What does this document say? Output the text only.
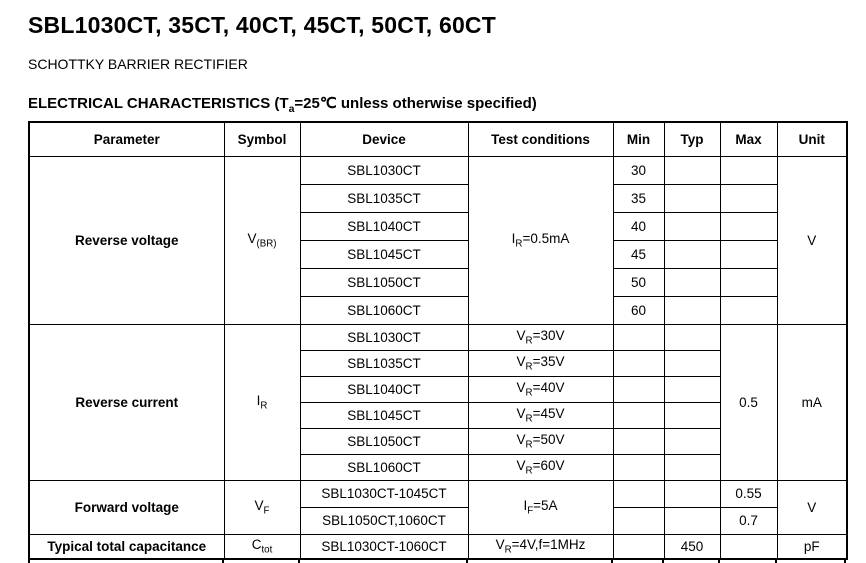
SBL1030CT, 35CT, 40CT, 45CT, 50CT, 60CT

SCHOTTKY BARRIER RECTIFIER

ELECTRICAL CHARACTERISTICS ($T_a=25℃$ unless otherwise specified)
Parameter	Symbol	Device	Test conditions	Min	Typ	Max	Unit
Reverse voltage	$V_{(BR)}$	SBL1030CT	$I_R=0.5mA$	30			V
		SBL1035CT		35			
		SBL1040CT		40			
		SBL1045CT		45			
		SBL1050CT		50			
		SBL1060CT		60			
Reverse current	$I_R$	SBL1030CT	$V_R=30V$			0.5	mA
		SBL1035CT	$V_R=35V$				
		SBL1040CT	$V_R=40V$				
		SBL1045CT	$V_R=45V$				
		SBL1050CT	$V_R=50V$				
		SBL1060CT	$V_R=60V$				
Forward voltage	$V_F$	SBL1030CT-1045CT	$I_F=5A$			0.55	V
		SBL1050CT,1060CT				0.7	
Typical total capacitance	$C_{tot}$	SBL1030CT-1060CT	$V_R=4V,f=1MHz$		450		pF
